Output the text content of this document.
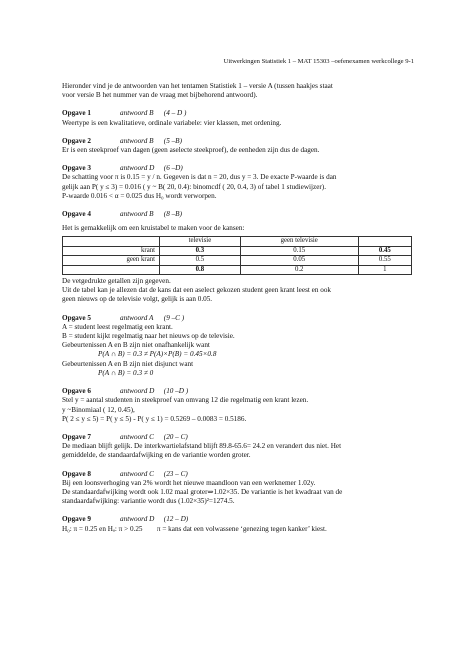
Uitwerkingen Statistiek 1 – MAT 15303 –oefenexamen werkcollege 9-1

Hieronder vind je de antwoorden van het tentamen Statistiek 1 – versie A (tussen haakjes staat

voor versie B het nummer van de vraag met bijbehorend antwoord).

Opgave 1	antwoord B (4 – D )

Weertype is een kwalitatieve, ordinale variabele: vier klassen, met ordening.

Opgave 2	antwoord B (5 –B)

Er is een steekproef van dagen (geen aselecte steekproef), de eenheden zijn dus de dagen.

Opgave 3	antwoord D (6 –D)

De schatting voor π is 0.15 = y / n. Gegeven is dat n = 20, dus y = 3. De exacte P-waarde is dan

gelijk aan P( y ≤ 3) = 0.016 ( y ~ B( 20, 0.4): binomcdf ( 20, 0.4, 3) of tabel 1 studiewijzer).

P-waarde 0.016 < α = 0.025 dus H₀ wordt verworpen.

Opgave 4	antwoord B (8 –B)

Het is gemakkelijk om een kruistabel te maken voor de kansen:

	televisie	geen televisie	
krant	0.3	0.15	0.45
geen krant	0.5	0.05	0.55
	0.8	0.2	1

De vetgedrukte getallen zijn gegeven.

Uit de tabel kan je allezen dat de kans dat een aselect gekozen student geen krant leest en ook

geen nieuws op de televisie volgt, gelijk is aan 0.05.

Opgave 5	antwoord A (9 –C )

A = student leest regelmatig een krant.

B = student kijkt regelmatig naar het nieuws op de televisie.

Gebeurtenissen A en B zijn niet onafhankelijk want

P(A ∩ B) = 0.3 ≠ P(A)×P(B) = 0.45×0.8

Gebeurtenissen A en B zijn niet disjunct want

P(A ∩ B) = 0.3 ≠ 0

Opgave 6	antwoord D (10 –D )

Stel y = aantal studenten in steekproef van omvang 12 die regelmatig een krant lezen.

y ~Binomiaal ( 12, 0.45),

P( 2 ≤ y ≤ 5) = P( y ≤ 5) - P( y ≤ 1) = 0.5269 – 0.0083 = 0.5186.

Opgave 7	antwoord C (20 – C)

De mediaan blijft gelijk. De interkwartielafstand blijft 89.8-65.6= 24.2 en verandert dus niet. Het

gemiddelde, de standaardafwijking en de variantie worden groter.

Opgave 8	antwoord C (23 – C)

Bij een loonsverhoging van 2% wordt het nieuwe maandloon van een werknemer 1.02y.

De standaardafwijking wordt ook 1.02 maal groter⇒1.02×35. De variantie is het kwadraat van de

standaardafwijking: variantie wordt dus (1.02×35)²=1274.5.

Opgave 9	antwoord D (12 – D)

H₀: π = 0.25 en Hₐ: π > 0.25        π = kans dat een volwassene ‘genezing tegen kanker’ kiest.
